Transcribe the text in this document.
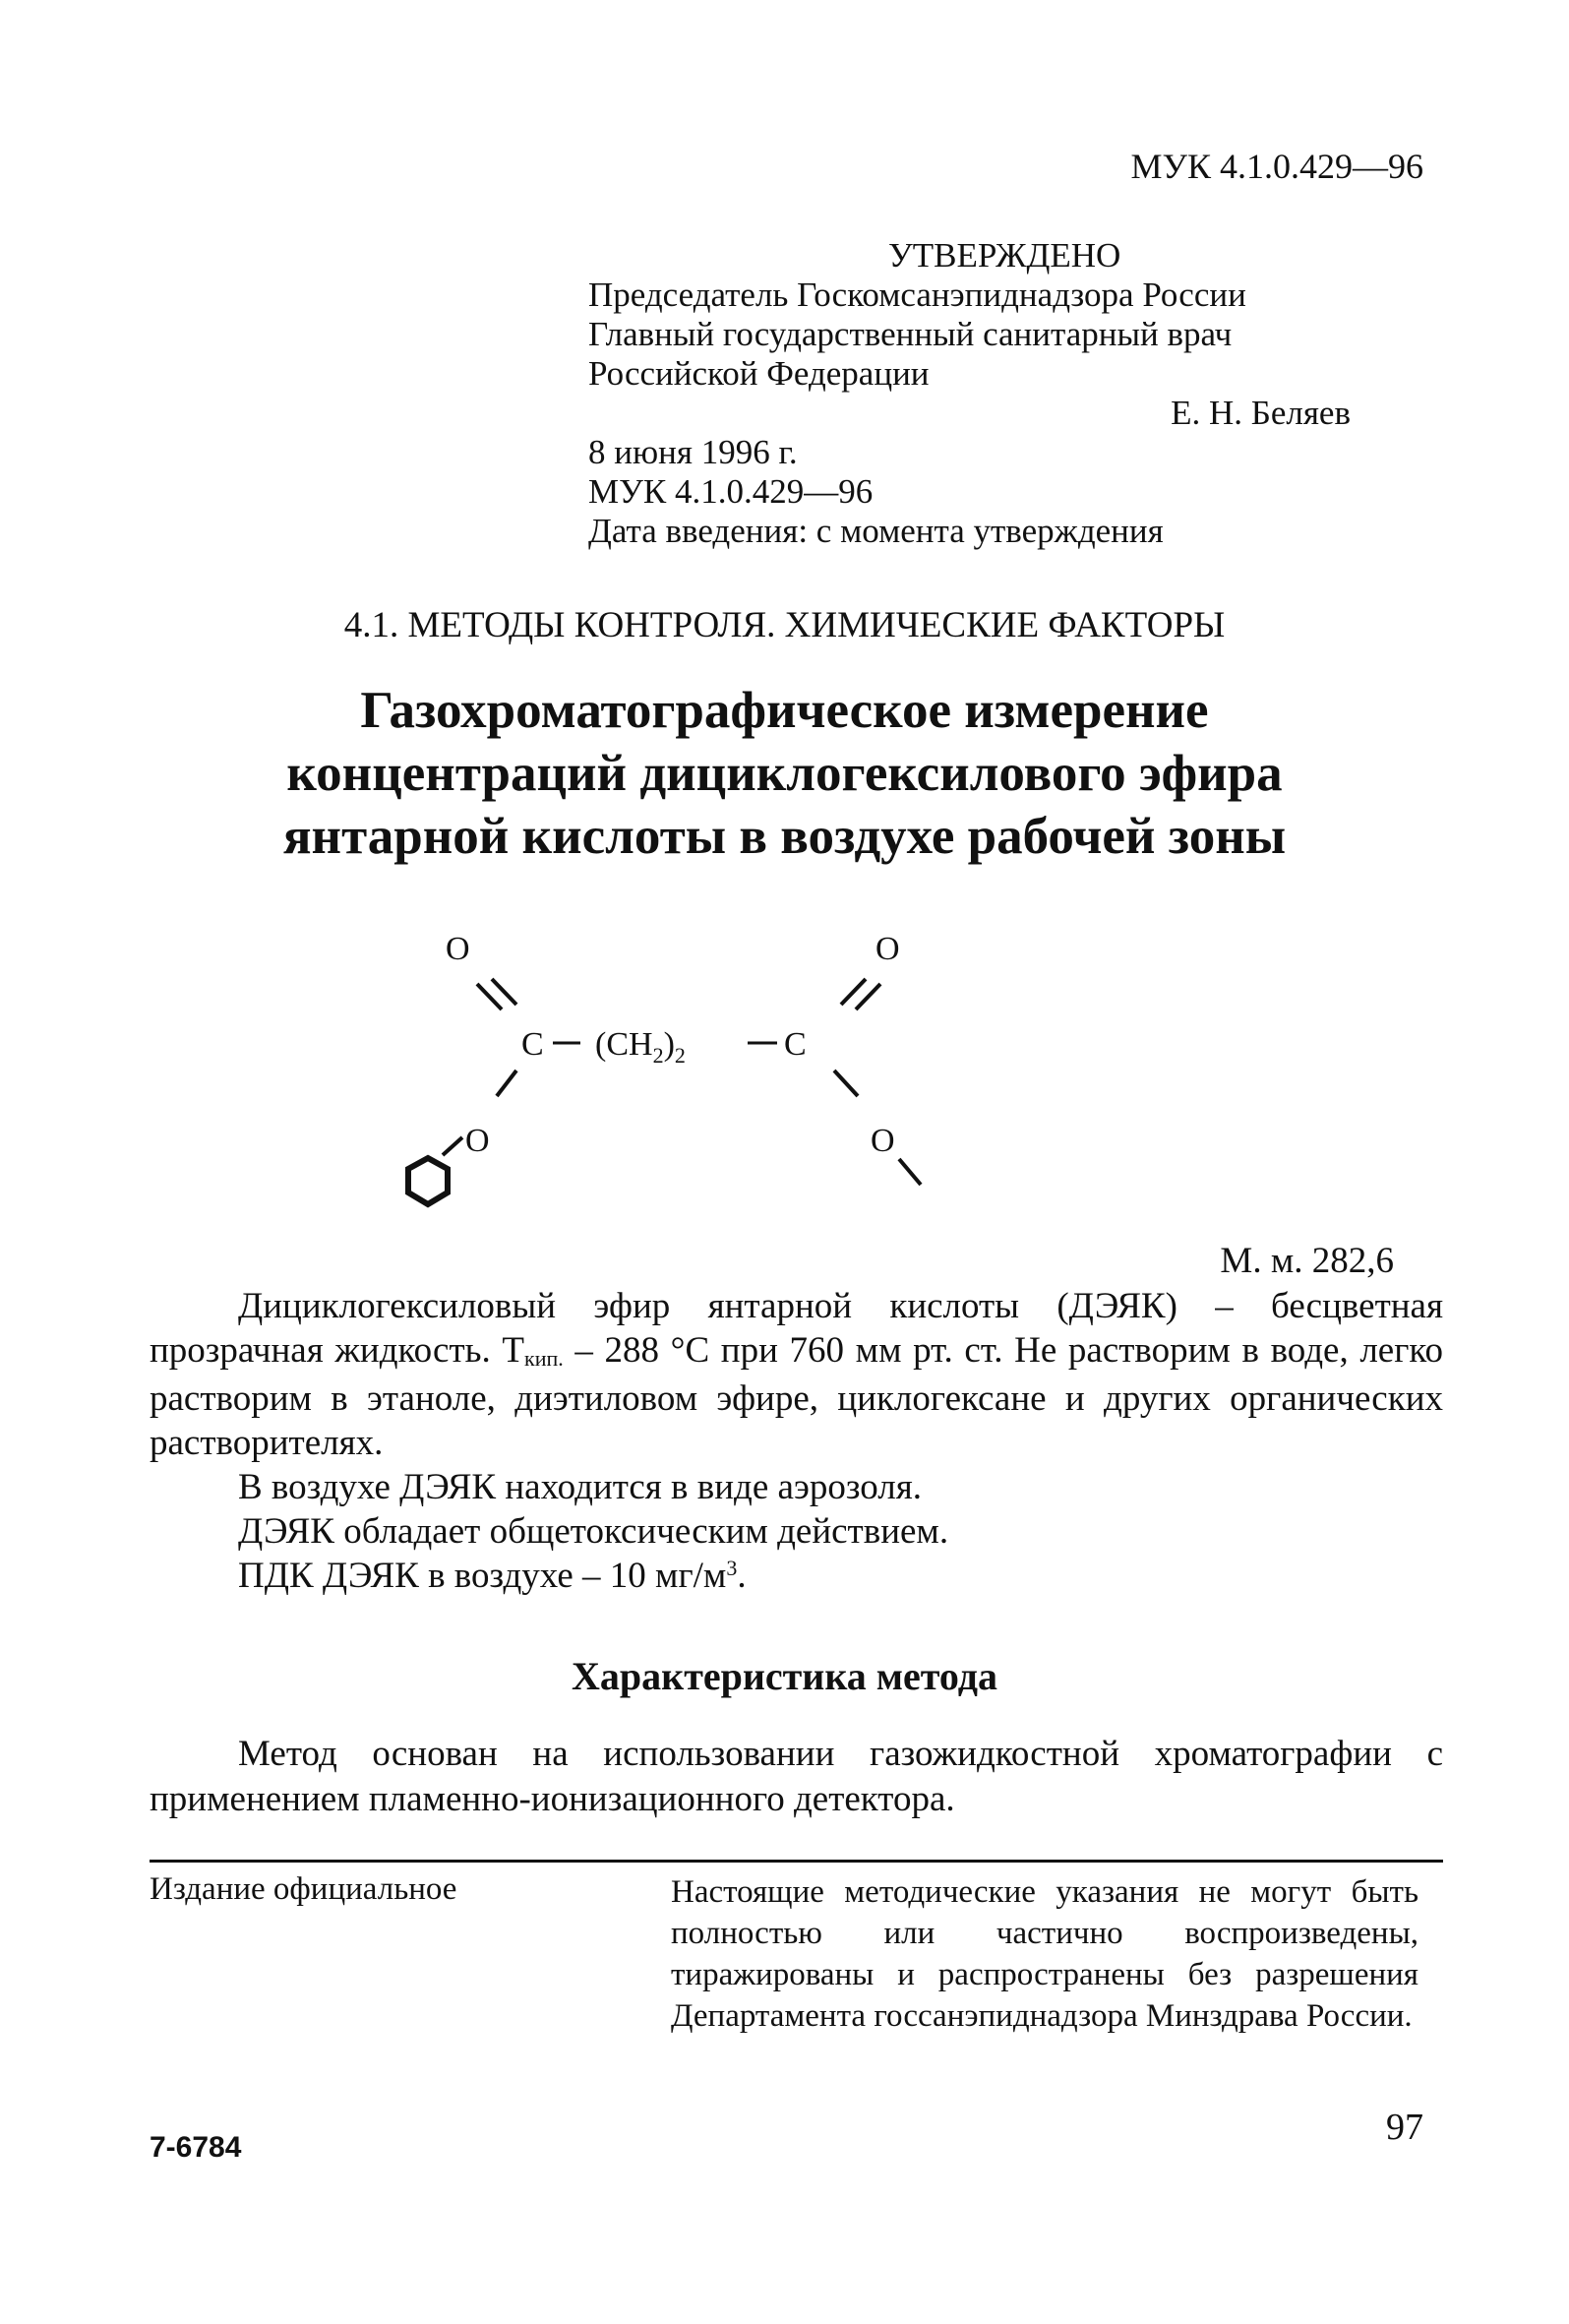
МУК 4.1.0.429—96
УТВЕРЖДЕНО
Председатель Госкомсанэпиднадзора России
Главный государственный санитарный врач
Российской Федерации
Е. Н. Беляев
8 июня 1996 г.
МУК 4.1.0.429—96
Дата введения: с момента утверждения
4.1. МЕТОДЫ КОНТРОЛЯ. ХИМИЧЕСКИЕ ФАКТОРЫ
Газохроматографическое измерение
концентраций дициклогексилового эфира
янтарной кислоты в воздухе рабочей зоны
O	O
C $(CH_2)_2$	C
O	O
М. м. 282,6

Дициклогексиловый эфир янтарной кислоты (ДЭЯК) – бесцветная прозрачная жидкость. Ткип. – 288 °С при 760 мм рт. ст. Не растворим в воде, легко растворим в этаноле, диэтиловом эфире, циклогексане и других органических растворителях.

В воздухе ДЭЯК находится в виде аэрозоля.

ДЭЯК обладает общетоксическим действием.

ПДК ДЭЯК в воздухе – 10 $мг/м^3$.

Характеристика метода

Метод основан на использовании газожидкостной хроматографии с применением пламенно-ионизационного детектора.

Издание официальное	Настоящие методические указания не могут быть полностью или частично воспроизведены, тиражированы и распространены без разрешения Департамента госсанэпиднадзора Минздрава России.
7-6784	97
